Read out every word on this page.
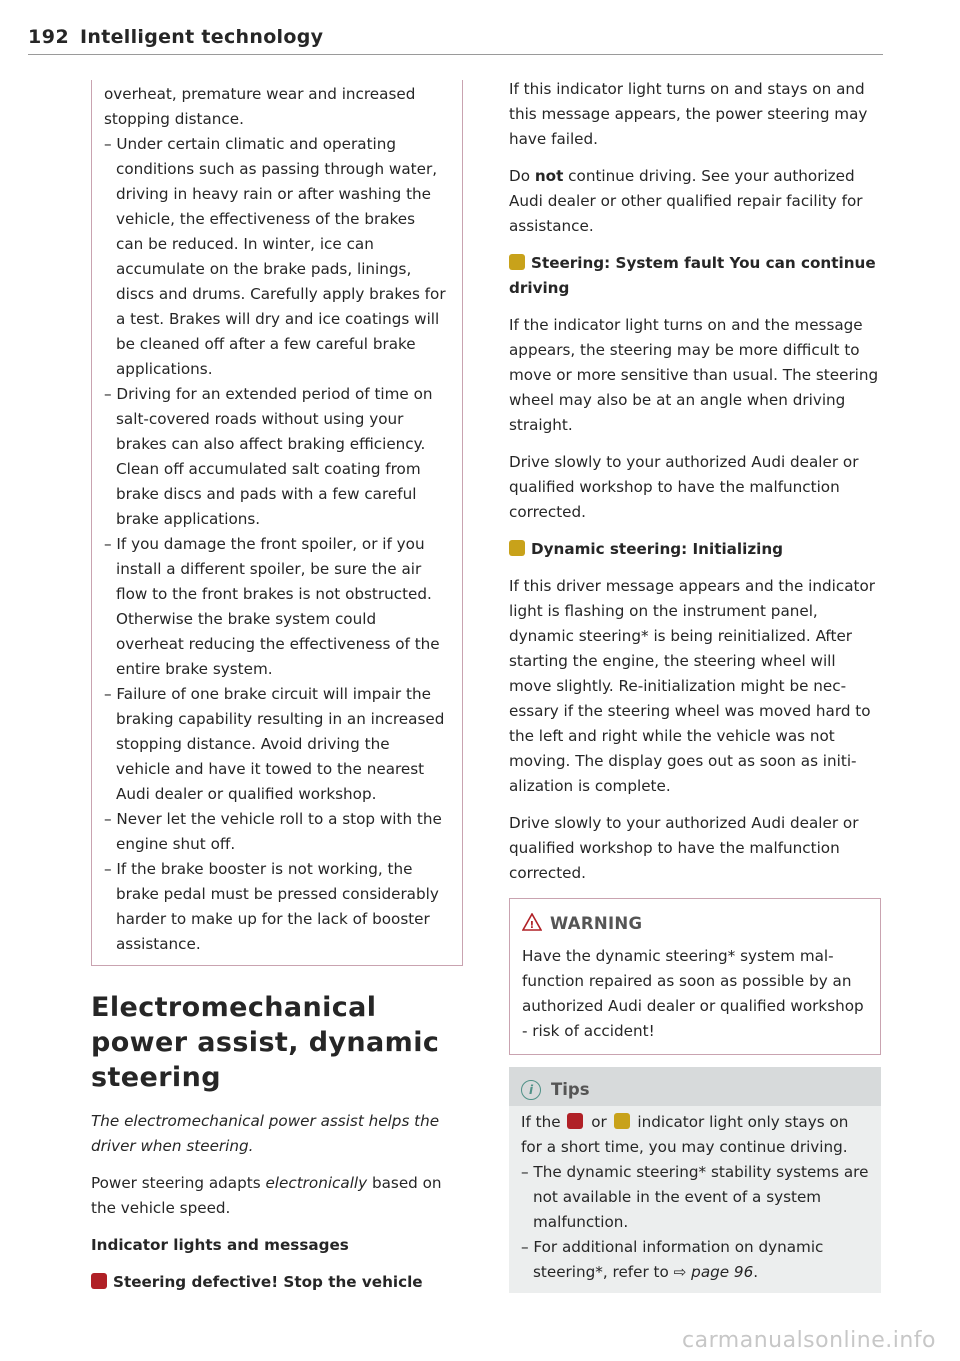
192 Intelligent technology

overheat, premature wear and increased stopping distance.

– Under certain climatic and operating conditions such as passing through water, driving in heavy rain or after washing the vehicle, the effectiveness of the brakes can be reduced. In winter, ice can accumulate on the brake pads, linings, discs and drums. Carefully apply brakes for a test. Brakes will dry and ice coatings will be cleaned off after a few careful brake applications.

– Driving for an extended period of time on salt-covered roads without using your brakes can also affect braking efficiency. Clean off accumulated salt coating from brake discs and pads with a few careful brake applications.

– If you damage the front spoiler, or if you install a different spoiler, be sure the air flow to the front brakes is not obstructed. Otherwise the brake system could overheat reducing the effectiveness of the entire brake system.

– Failure of one brake circuit will impair the braking capability resulting in an increased stopping distance. Avoid driving the vehicle and have it towed to the nearest Audi dealer or qualified workshop.

– Never let the vehicle roll to a stop with the engine shut off.

– If the brake booster is not working, the brake pedal must be pressed considerably harder to make up for the lack of booster assistance.

Electromechanical power assist, dynamic steering

The electromechanical power assist helps the driver when steering.

Power steering adapts electronically based on the vehicle speed.

Indicator lights and messages

Steering defective! Stop the vehicle

If this indicator light turns on and stays on and this message appears, the power steering may have failed.

Do not continue driving. See your authorized Audi dealer or other qualified repair facility for assistance.

Steering: System fault You can continue driving

If the indicator light turns on and the message appears, the steering may be more difficult to move or more sensitive than usual. The steering wheel may also be at an angle when driving straight.

Drive slowly to your authorized Audi dealer or qualified workshop to have the malfunction corrected.

Dynamic steering: Initializing

If this driver message appears and the indicator light is flashing on the instrument panel, dynamic steering* is being reinitialized. After starting the engine, the steering wheel will move slightly. Re-initialization might be necessary if the steering wheel was moved hard to the left and right while the vehicle was not moving. The display goes out as soon as initialization is complete.

Drive slowly to your authorized Audi dealer or qualified workshop to have the malfunction corrected.

! WARNING

Have the dynamic steering* system malfunction repaired as soon as possible by an authorized Audi dealer or qualified workshop - risk of accident!

i Tips

If the  or  indicator light only stays on for a short time, you may continue driving.

– The dynamic steering* stability systems are not available in the event of a system malfunction.

– For additional information on dynamic steering*, refer to ⇨ page 96.

carmanualsonline.info
